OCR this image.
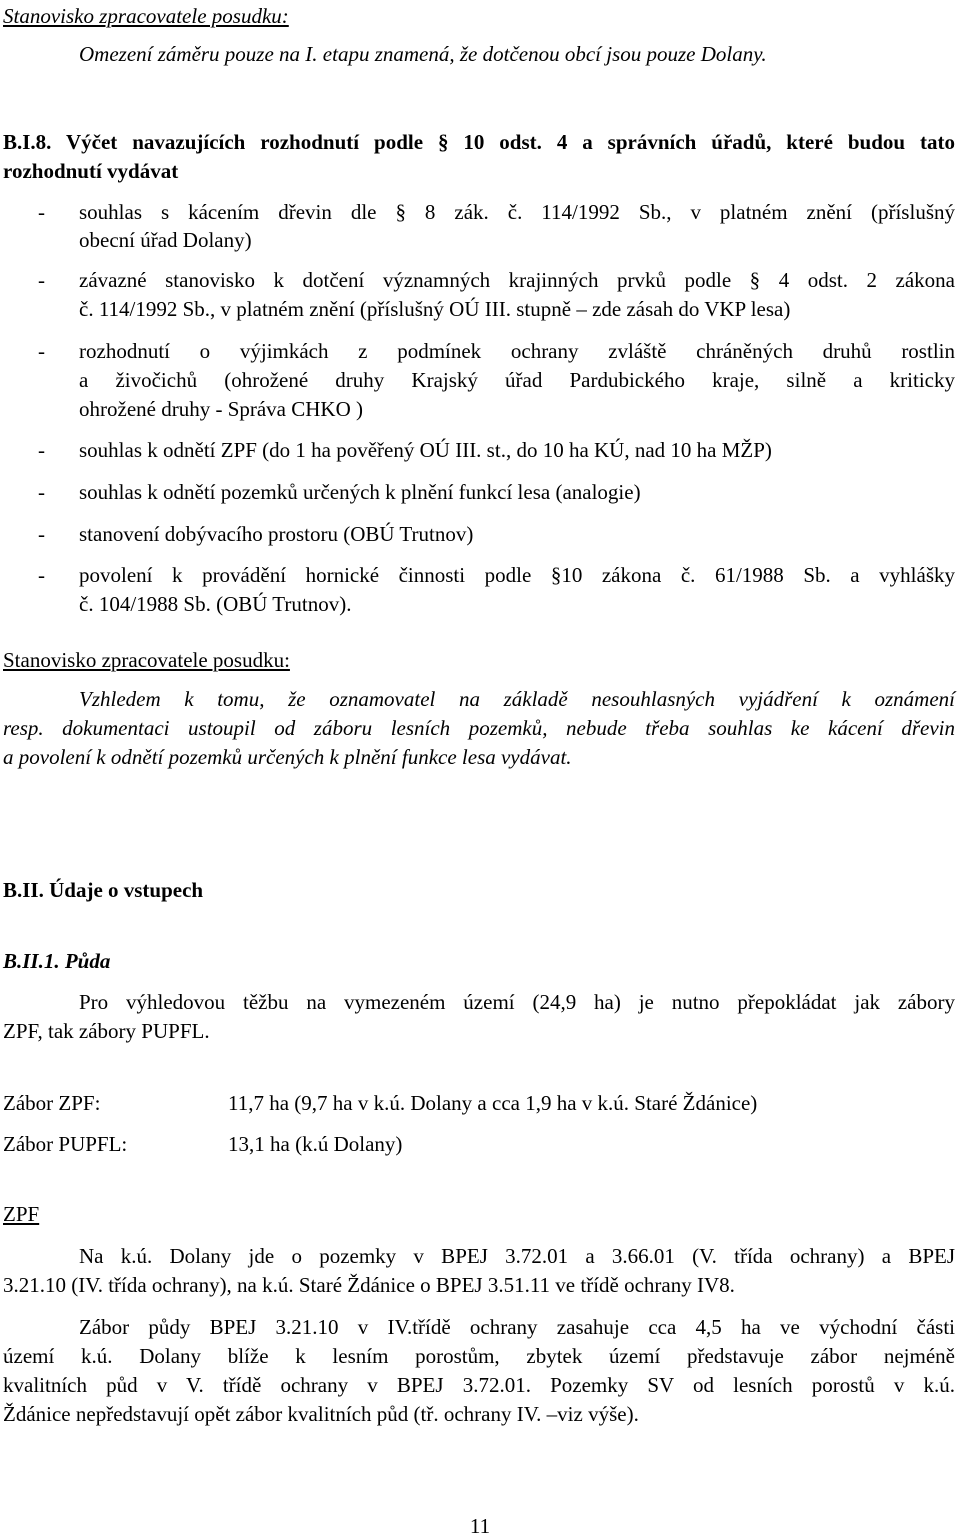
Stanovisko zpracovatele posudku:
Omezení záměru pouze na I. etapu znamená, že dotčenou obcí jsou pouze Dolany.
B.I.8. Výčet navazujících rozhodnutí podle § 10 odst. 4 a správních úřadů, které budou tato
rozhodnutí vydávat
- souhlas s kácením dřevin dle § 8 zák. č. 114/1992 Sb., v platném znění (příslušný
obecní úřad Dolany)
- závazné stanovisko k dotčení významných krajinných prvků podle § 4 odst. 2 zákona
č. 114/1992 Sb., v platném znění (příslušný OÚ III. stupně – zde zásah do VKP lesa)
- rozhodnutí o výjimkách z podmínek ochrany zvláště chráněných druhů rostlin
a živočichů (ohrožené druhy Krajský úřad Pardubického kraje, silně a kriticky
ohrožené druhy - Správa CHKO )
- souhlas k odnětí ZPF (do 1 ha pověřený OÚ III. st., do 10 ha KÚ, nad 10 ha MŽP)
- souhlas k odnětí pozemků určených k plnění funkcí lesa (analogie)
- stanovení dobývacího prostoru (OBÚ Trutnov)
- povolení k provádění hornické činnosti podle §10 zákona č. 61/1988 Sb. a vyhlášky
č. 104/1988 Sb. (OBÚ Trutnov).
Stanovisko zpracovatele posudku:
Vzhledem k tomu, že oznamovatel na základě nesouhlasných vyjádření k oznámení
resp. dokumentaci ustoupil od záboru lesních pozemků, nebude třeba souhlas ke kácení dřevin
a povolení k odnětí pozemků určených k plnění funkce lesa vydávat.
B.II. Údaje o vstupech
B.II.1. Půda
Pro výhledovou těžbu na vymezeném území (24,9 ha) je nutno přepokládat jak zábory
ZPF, tak zábory PUPFL.
Zábor ZPF:	11,7 ha (9,7 ha v k.ú. Dolany a cca 1,9 ha v k.ú. Staré Ždánice)
Zábor PUPFL:	13,1 ha (k.ú Dolany)
ZPF
Na k.ú. Dolany jde o pozemky v BPEJ 3.72.01 a 3.66.01 (V. třída ochrany) a BPEJ
3.21.10 (IV. třída ochrany), na k.ú. Staré Ždánice o BPEJ 3.51.11 ve třídě ochrany IV8.
Zábor půdy BPEJ 3.21.10 v IV.třídě ochrany zasahuje cca 4,5 ha ve východní části
území k.ú. Dolany blíže k lesním porostům, zbytek území představuje zábor nejméně
kvalitních půd v V. třídě ochrany v BPEJ 3.72.01. Pozemky SV od lesních porostů v k.ú.
Ždánice nepředstavují opět zábor kvalitních půd (tř. ochrany IV. –viz výše).
11
